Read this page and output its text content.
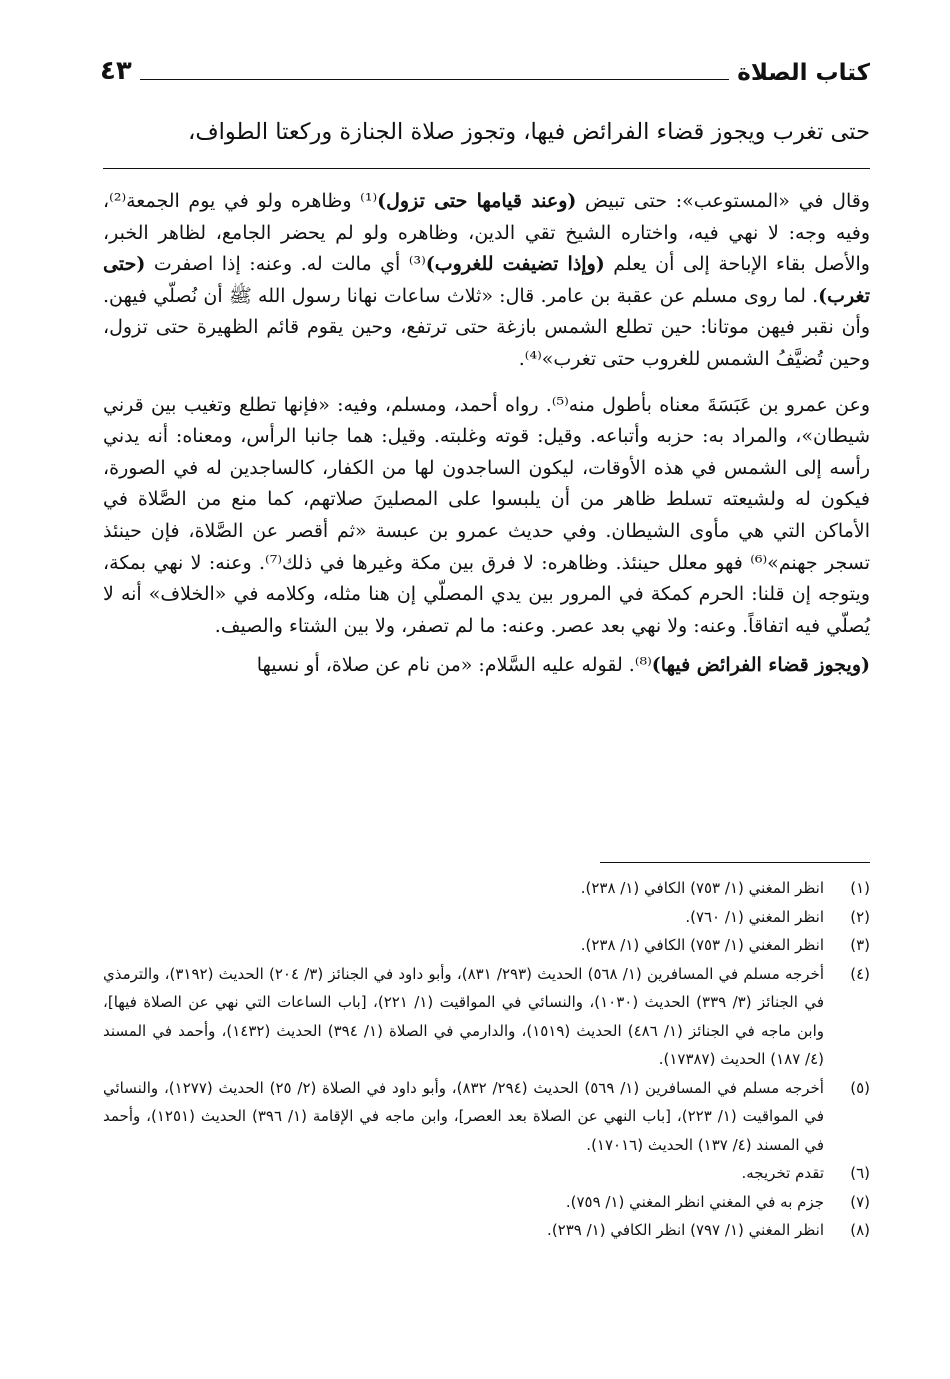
كتاب الصلاة
٤٣
حتى تغرب ويجوز قضاء الفرائض فيها، وتجوز صلاة الجنازة وركعتا الطواف،

وقال في «المستوعب»: حتى تبيض (وعند قيامها حتى تزول)⁽¹⁾ وظاهره ولو في يوم الجمعة⁽²⁾، وفيه وجه: لا نهي فيه، واختاره الشيخ تقي الدين، وظاهره ولو لم يحضر الجامع، لظاهر الخبر، والأصل بقاء الإباحة إلى أن يعلم (وإذا تضيفت للغروب)⁽³⁾ أي مالت له. وعنه: إذا اصفرت (حتى تغرب). لما روى مسلم عن عقبة بن عامر. قال: «ثلاث ساعات نهانا رسول الله ﷺ أن نُصلّي فيهن. وأن نقبر فيهن موتانا: حين تطلع الشمس بازغة حتى ترتفع، وحين يقوم قائم الظهيرة حتى تزول، وحين تُضيَّفُ الشمس للغروب حتى تغرب»⁽⁴⁾.

وعن عمرو بن عَبَسَةَ معناه بأطول منه⁽⁵⁾. رواه أحمد، ومسلم، وفيه: «فإنها تطلع وتغيب بين قرني شيطان»، والمراد به: حزبه وأتباعه. وقيل: قوته وغلبته. وقيل: هما جانبا الرأس، ومعناه: أنه يدني رأسه إلى الشمس في هذه الأوقات، ليكون الساجدون لها من الكفار، كالساجدين له في الصورة، فيكون له ولشيعته تسلط ظاهر من أن يلبسوا على المصلينَ صلاتهم، كما منع من الصَّلاة في الأماكن التي هي مأوى الشيطان. وفي حديث عمرو بن عبسة «ثم أقصر عن الصَّلاة، فإن حينئذ تسجر جهنم»⁽⁶⁾ فهو معلل حينئذ. وظاهره: لا فرق بين مكة وغيرها في ذلك⁽⁷⁾. وعنه: لا نهي بمكة، ويتوجه إن قلنا: الحرم كمكة في المرور بين يدي المصلّي إن هنا مثله، وكلامه في «الخلاف» أنه لا يُصلّي فيه اتفاقاً. وعنه: ولا نهي بعد عصر. وعنه: ما لم تصفر، ولا بين الشتاء والصيف.

(ويجوز قضاء الفرائض فيها)⁽⁸⁾. لقوله عليه السَّلام: «من نام عن صلاة، أو نسيها

(١)
انظر المغني (١/ ٧٥٣) الكافي (١/ ٢٣٨).
(٢)
انظر المغني (١/ ٧٦٠).
(٣)
انظر المغني (١/ ٧٥٣) الكافي (١/ ٢٣٨).
(٤)
أخرجه مسلم في المسافرين (١/ ٥٦٨) الحديث (٢٩٣/ ٨٣١)، وأبو داود في الجنائز (٣/ ٢٠٤) الحديث (٣١٩٢)، والترمذي في الجنائز (٣/ ٣٣٩) الحديث (١٠٣٠)، والنسائي في المواقيت (١/ ٢٢١)، [باب الساعات التي نهي عن الصلاة فيها]، وابن ماجه في الجنائز (١/ ٤٨٦) الحديث (١٥١٩)، والدارمي في الصلاة (١/ ٣٩٤) الحديث (١٤٣٢)، وأحمد في المسند (٤/ ١٨٧) الحديث (١٧٣٨٧).
(٥)
أخرجه مسلم في المسافرين (١/ ٥٦٩) الحديث (٢٩٤/ ٨٣٢)، وأبو داود في الصلاة (٢/ ٢٥) الحديث (١٢٧٧)، والنسائي في المواقيت (١/ ٢٢٣)، [باب النهي عن الصلاة بعد العصر]، وابن ماجه في الإقامة (١/ ٣٩٦) الحديث (١٢٥١)، وأحمد في المسند (٤/ ١٣٧) الحديث (١٧٠١٦).
(٦)
تقدم تخريجه.
(٧)
جزم به في المغني انظر المغني (١/ ٧٥٩).
(٨)
انظر المغني (١/ ٧٩٧) انظر الكافي (١/ ٢٣٩).
